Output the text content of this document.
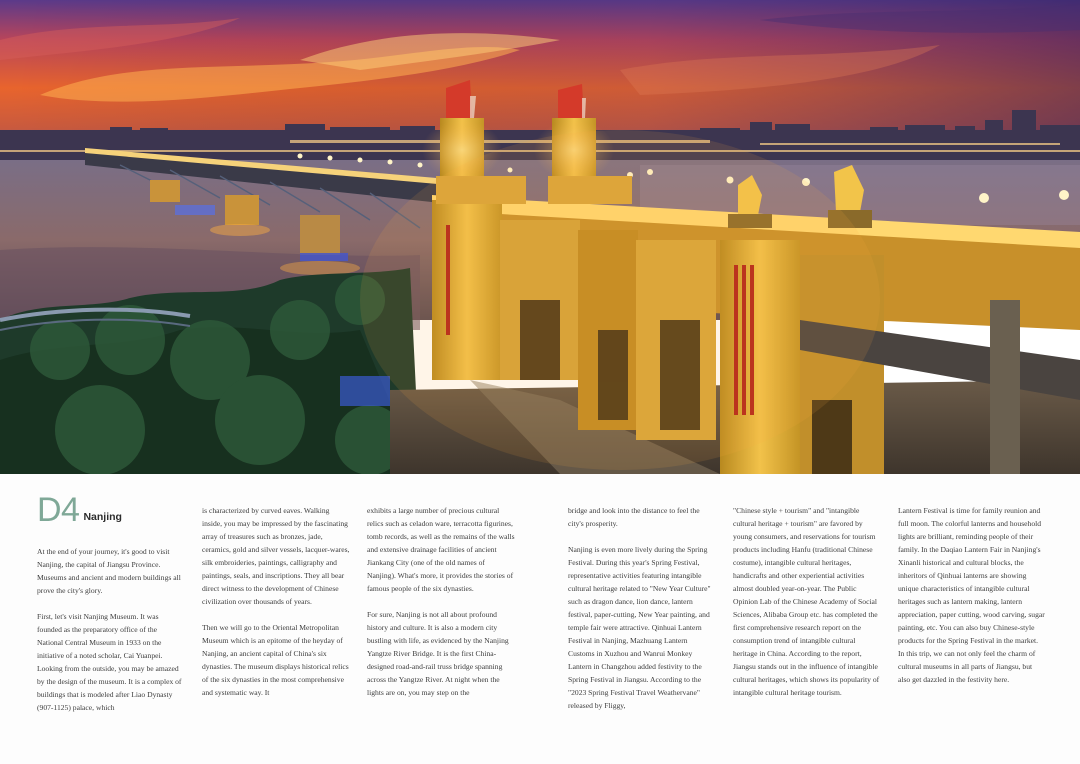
D4 Nanjing

At the end of your journey, it's good to visit Nanjing, the capital of Jiangsu Province. Museums and ancient and modern buildings all prove the city's glory.

First, let's visit Nanjing Museum. It was founded as the preparatory office of the National Central Museum in 1933 on the initiative of a noted scholar, Cai Yuanpei. Looking from the outside, you may be amazed by the design of the museum. It is a complex of buildings that is modeled after Liao Dynasty (907-1125) palace, which

is characterized by curved eaves. Walking inside, you may be impressed by the fascinating array of treasures such as bronzes, jade, ceramics, gold and silver vessels, lacquer-wares, silk embroideries, paintings, calligraphy and paintings, seals, and inscriptions. They all bear direct witness to the development of Chinese civilization over thousands of years.

Then we will go to the Oriental Metropolitan Museum which is an epitome of the heyday of Nanjing, an ancient capital of China's six dynasties. The museum displays historical relics of the six dynasties in the most comprehensive and systematic way. It

exhibits a large number of precious cultural relics such as celadon ware, terracotta figurines, tomb records, as well as the remains of the walls and extensive drainage facilities of ancient Jiankang City (one of the old names of Nanjing). What's more, it provides the stories of famous people of the six dynasties.

For sure, Nanjing is not all about profound history and culture. It is also a modern city bustling with life, as evidenced by the Nanjing Yangtze River Bridge. It is the first China-designed road-and-rail truss bridge spanning across the Yangtze River. At night when the lights are on, you may step on the

bridge and look into the distance to feel the city's prosperity.

Nanjing is even more lively during the Spring Festival. During this year's Spring Festival, representative activities featuring intangible cultural heritage related to "New Year Culture" such as dragon dance, lion dance, lantern festival, paper-cutting, New Year painting, and temple fair were attractive. Qinhuai Lantern Festival in Nanjing, Mazhuang Lantern Customs in Xuzhou and Wanrui Monkey Lantern in Changzhou added festivity to the Spring Festival in Jiangsu. According to the "2023 Spring Festival Travel Weathervane" released by Fliggy,

"Chinese style + tourism" and "intangible cultural heritage + tourism" are favored by young consumers, and reservations for tourism products including Hanfu (traditional Chinese costume), intangible cultural heritages, handicrafts and other experiential activities almost doubled year-on-year. The Public Opinion Lab of the Chinese Academy of Social Sciences, Alibaba Group etc. has completed the first comprehensive research report on the consumption trend of intangible cultural heritage in China. According to the report, Jiangsu stands out in the influence of intangible cultural heritages, which shows its popularity of intangible cultural heritage tourism.

Lantern Festival is time for family reunion and full moon. The colorful lanterns and household lights are brilliant, reminding people of their family. In the Daqiao Lantern Fair in Nanjing's Xinanli historical and cultural blocks, the inheritors of Qinhuai lanterns are showing unique characteristics of intangible cultural heritages such as lantern making, lantern appreciation, paper cutting, wood carving, sugar painting, etc. You can also buy Chinese-style products for the Spring Festival in the market. In this trip, we can not only feel the charm of cultural museums in all parts of Jiangsu, but also get dazzled in the festivity here.
